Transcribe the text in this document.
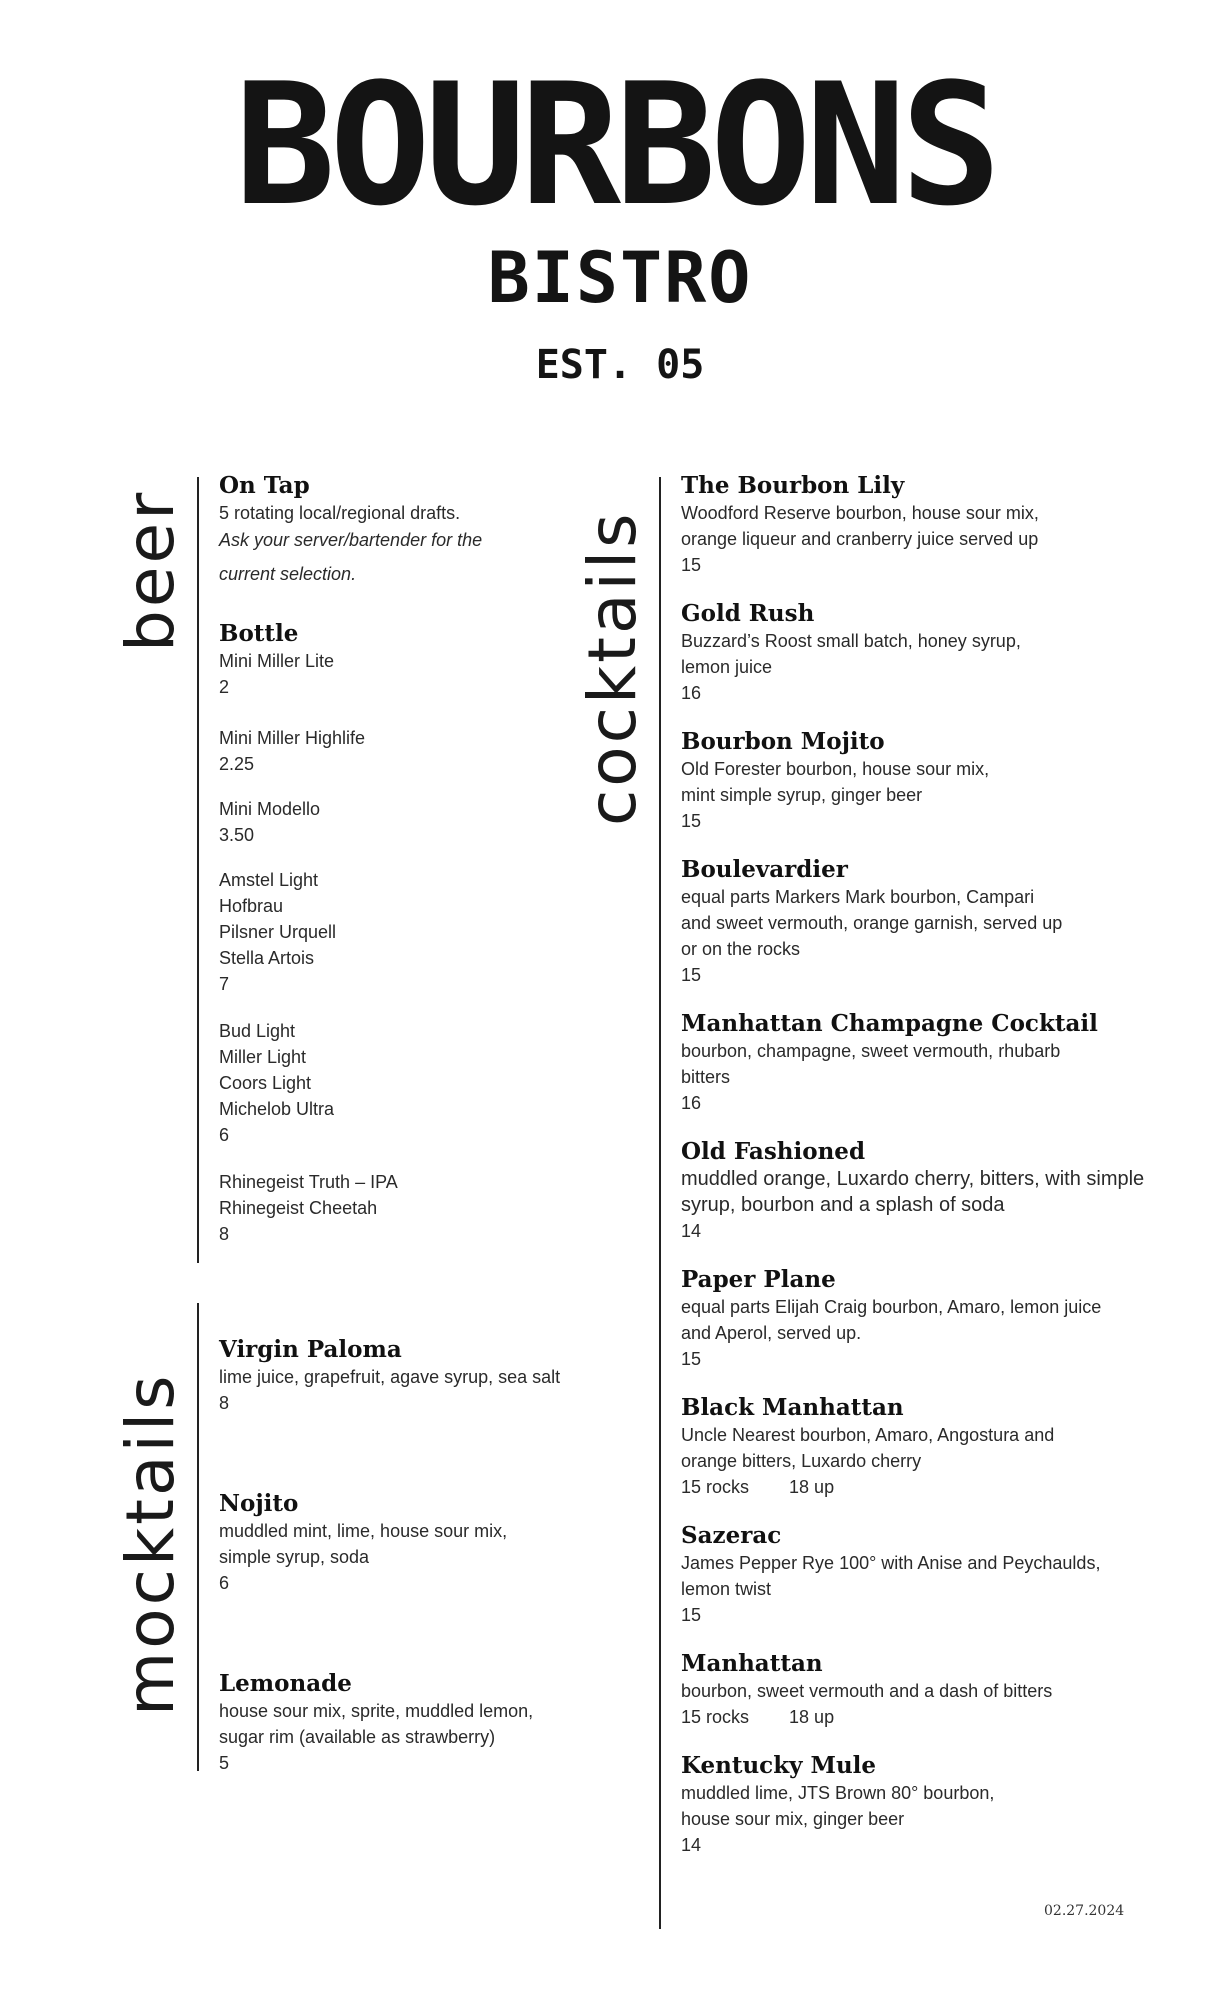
BOURBONS
BISTRO
EST. 05
beer	cocktails
mocktails
On Tap
5 rotating local/regional drafts.
Ask your server/bartender for the
current selection.
Bottle
Mini Miller Lite
2
Mini Miller Highlife
2.25
Mini Modello
3.50
Amstel Light
Hofbrau
Pilsner Urquell
Stella Artois
7
Bud Light
Miller Light
Coors Light
Michelob Ultra
6
Rhinegeist Truth – IPA
Rhinegeist Cheetah
8
Virgin Paloma
lime juice, grapefruit, agave syrup, sea salt
8
Nojito
muddled mint, lime, house sour mix,
simple syrup, soda
6
Lemonade
house sour mix, sprite, muddled lemon,
sugar rim (available as strawberry)
5
The Bourbon Lily
Woodford Reserve bourbon, house sour mix,
orange liqueur and cranberry juice served up
15
Gold Rush
Buzzard’s Roost small batch, honey syrup,
lemon juice
16
Bourbon Mojito
Old Forester bourbon, house sour mix,
mint simple syrup, ginger beer
15
Boulevardier
equal parts Markers Mark bourbon, Campari
and sweet vermouth, orange garnish, served up
or on the rocks
15
Manhattan Champagne Cocktail
bourbon, champagne, sweet vermouth, rhubarb
bitters
16
Old Fashioned
muddled orange, Luxardo cherry, bitters, with simple
syrup, bourbon and a splash of soda
14
Paper Plane
equal parts Elijah Craig bourbon, Amaro, lemon juice
and Aperol, served up.
15
Black Manhattan
Uncle Nearest bourbon, Amaro, Angostura and
orange bitters, Luxardo cherry
15 rocks 18 up
Sazerac
James Pepper Rye 100° with Anise and Peychaulds,
lemon twist
15
Manhattan
bourbon, sweet vermouth and a dash of bitters
15 rocks 18 up
Kentucky Mule
muddled lime, JTS Brown 80° bourbon,
house sour mix, ginger beer
14
02.27.2024
